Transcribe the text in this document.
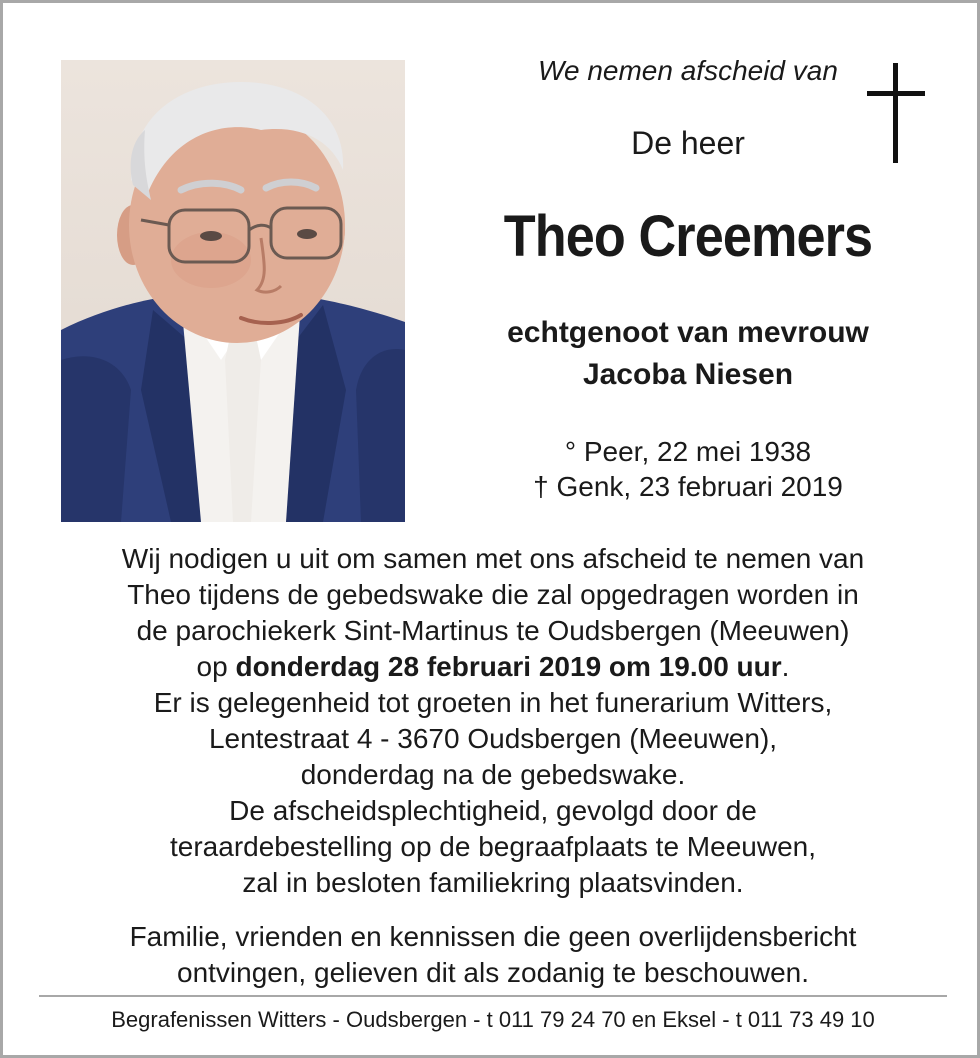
We nemen afscheid van
De heer
Theo Creemers
echtgenoot van mevrouw
Jacoba Niesen
° Peer, 22 mei 1938
† Genk, 23 februari 2019
Wij nodigen u uit om samen met ons afscheid te nemen van
Theo tijdens de gebedswake die zal opgedragen worden in
de parochiekerk Sint-Martinus te Oudsbergen (Meeuwen)
op donderdag 28 februari 2019 om 19.00 uur.
Er is gelegenheid tot groeten in het funerarium Witters,
Lentestraat 4 - 3670 Oudsbergen (Meeuwen),
donderdag na de gebedswake.
De afscheidsplechtigheid, gevolgd door de
teraardebestelling op de begraafplaats te Meeuwen,
zal in besloten familiekring plaatsvinden.
Familie, vrienden en kennissen die geen overlijdensbericht
ontvingen, gelieven dit als zodanig te beschouwen.
Begrafenissen Witters - Oudsbergen - t 011 79 24 70 en Eksel - t 011 73 49 10
